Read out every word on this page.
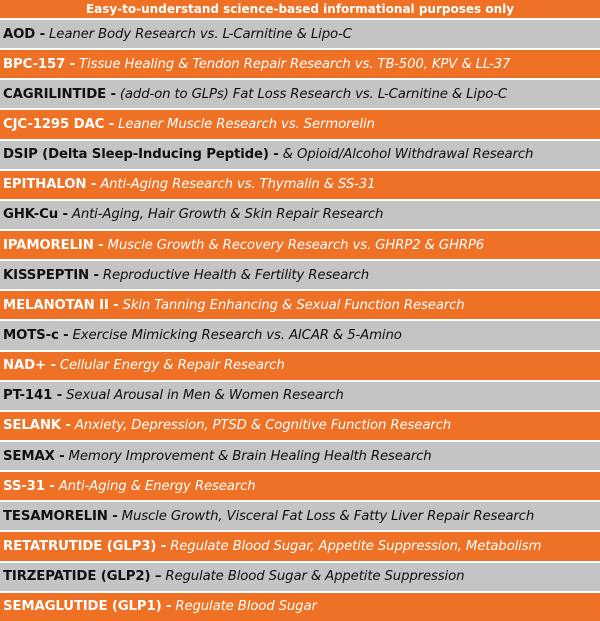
Easy-to-understand science-based informational purposes only
AOD - Leaner Body Research vs. L-Carnitine & Lipo-C
BPC-157 - Tissue Healing & Tendon Repair Research vs. TB-500, KPV & LL-37
CAGRILINTIDE - (add-on to GLPs) Fat Loss Research vs. L-Carnitine & Lipo-C
CJC-1295 DAC - Leaner Muscle Research vs. Sermorelin
DSIP (Delta Sleep-Inducing Peptide) - & Opioid/Alcohol Withdrawal Research
EPITHALON - Anti-Aging Research vs. Thymalin & SS-31
GHK-Cu - Anti-Aging, Hair Growth & Skin Repair Research
IPAMORELIN - Muscle Growth & Recovery Research vs. GHRP2 & GHRP6
KISSPEPTIN - Reproductive Health & Fertility Research
MELANOTAN II - Skin Tanning Enhancing & Sexual Function Research
MOTS-c - Exercise Mimicking Research vs. AICAR & 5-Amino
NAD+ - Cellular Energy & Repair Research
PT-141 - Sexual Arousal in Men & Women Research
SELANK - Anxiety, Depression, PTSD & Cognitive Function Research
SEMAX - Memory Improvement & Brain Healing Health Research
SS-31 - Anti-Aging & Energy Research
TESAMORELIN - Muscle Growth, Visceral Fat Loss & Fatty Liver Repair Research
RETATRUTIDE (GLP3) - Regulate Blood Sugar, Appetite Suppression, Metabolism
TIRZEPATIDE (GLP2) – Regulate Blood Sugar & Appetite Suppression
SEMAGLUTIDE (GLP1) - Regulate Blood Sugar
